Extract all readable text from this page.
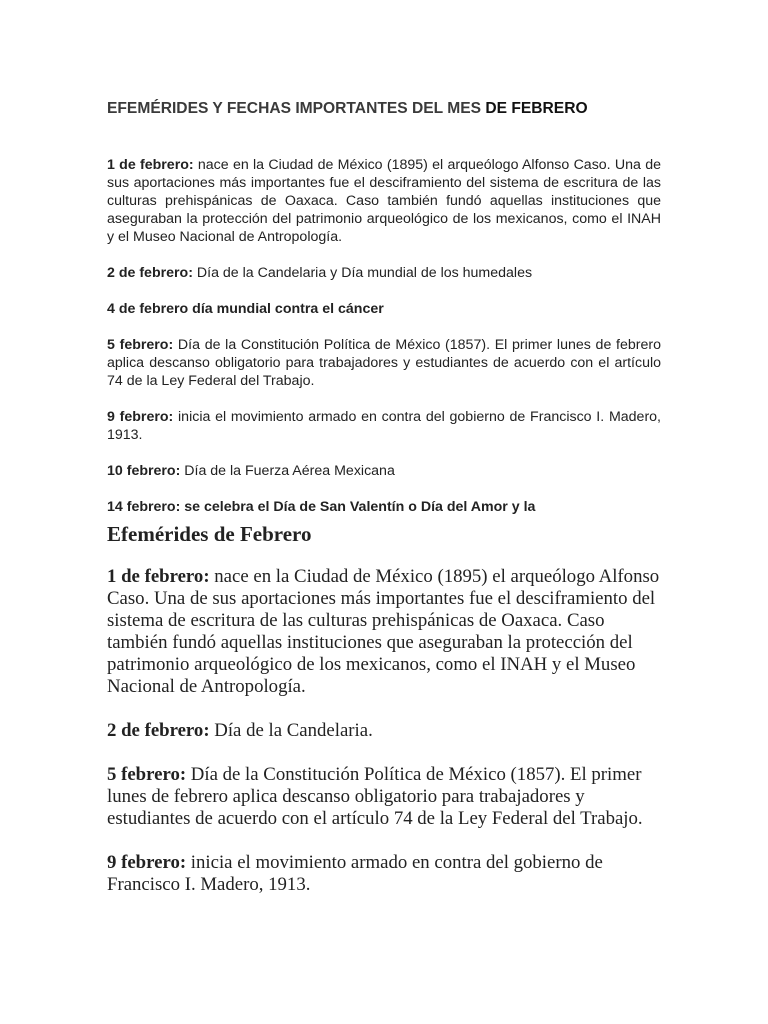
EFEMÉRIDES Y FECHAS IMPORTANTES DEL MES DE FEBRERO

1 de febrero: nace en la Ciudad de México (1895) el arqueólogo Alfonso Caso. Una de sus aportaciones más importantes fue el desciframiento del sistema de escritura de las culturas prehispánicas de Oaxaca. Caso también fundó aquellas instituciones que aseguraban la protección del patrimonio arqueológico de los mexicanos, como el INAH y el Museo Nacional de Antropología.

2 de febrero: Día de la Candelaria y Día mundial de los humedales

4 de febrero día mundial contra el cáncer

5 febrero: Día de la Constitución Política de México (1857). El primer lunes de febrero aplica descanso obligatorio para trabajadores y estudiantes de acuerdo con el artículo 74 de la Ley Federal del Trabajo.

9 febrero: inicia el movimiento armado en contra del gobierno de Francisco I. Madero, 1913.

10 febrero: Día de la Fuerza Aérea Mexicana

14 febrero: se celebra el Día de San Valentín o Día del Amor y la

Efemérides de Febrero

1 de febrero: nace en la Ciudad de México (1895) el arqueólogo Alfonso Caso. Una de sus aportaciones más importantes fue el desciframiento del sistema de escritura de las culturas prehispánicas de Oaxaca. Caso también fundó aquellas instituciones que aseguraban la protección del patrimonio arqueológico de los mexicanos, como el INAH y el Museo Nacional de Antropología.

2 de febrero: Día de la Candelaria.

5 febrero: Día de la Constitución Política de México (1857). El primer lunes de febrero aplica descanso obligatorio para trabajadores y estudiantes de acuerdo con el artículo 74 de la Ley Federal del Trabajo.

9 febrero: inicia el movimiento armado en contra del gobierno de Francisco I. Madero, 1913.
